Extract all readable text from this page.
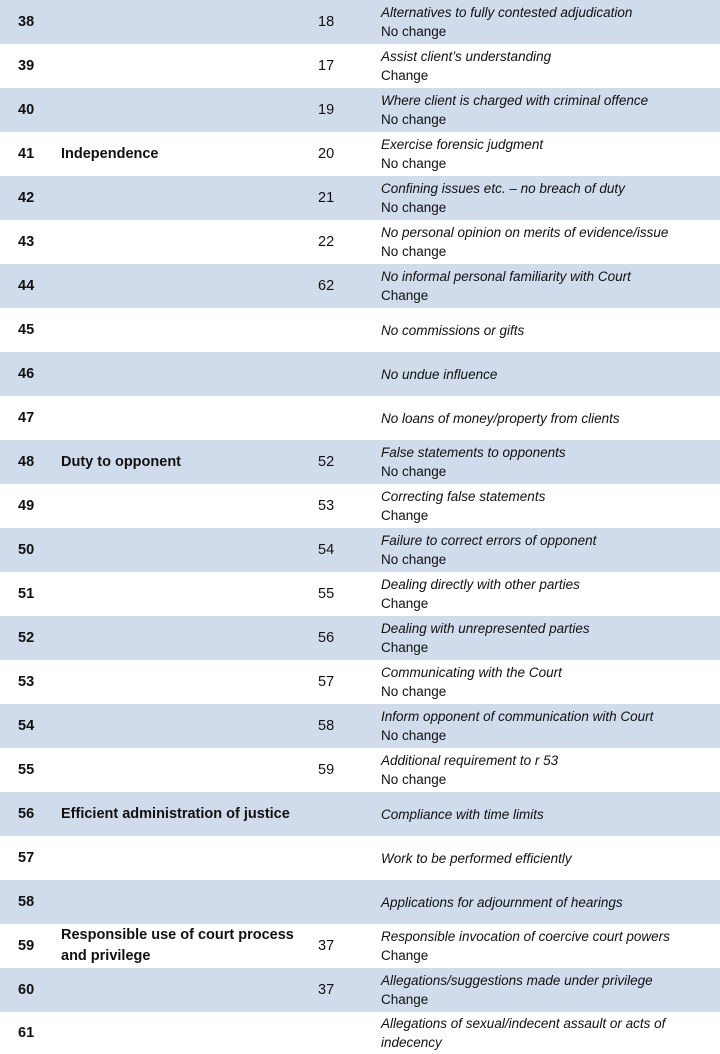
38		18	Alternatives to fully contested adjudication
No change

39		17	Assist client’s understanding
Change

40		19	Where client is charged with criminal offence
No change

41	Independence	20	Exercise forensic judgment
No change

42		21	Confining issues etc. – no breach of duty
No change

43		22	No personal opinion on merits of evidence/issue
No change

44		62	No informal personal familiarity with Court
Change

45			No commissions or gifts

46			No undue influence

47			No loans of money/property from clients

48	Duty to opponent	52	False statements to opponents
No change

49		53	Correcting false statements
Change

50		54	Failure to correct errors of opponent
No change

51		55	Dealing directly with other parties
Change

52		56	Dealing with unrepresented parties
Change

53		57	Communicating with the Court
No change

54		58	Inform opponent of communication with Court
No change

55		59	Additional requirement to r 53
No change

56	Efficient administration of justice		Compliance with time limits

57			Work to be performed efficiently

58			Applications for adjournment of hearings

59	Responsible use of court process and privilege	37	Responsible invocation of coercive court powers
Change

60		37	Allegations/suggestions made under privilege
Change

61			Allegations of sexual/indecent assault or acts of indecency
